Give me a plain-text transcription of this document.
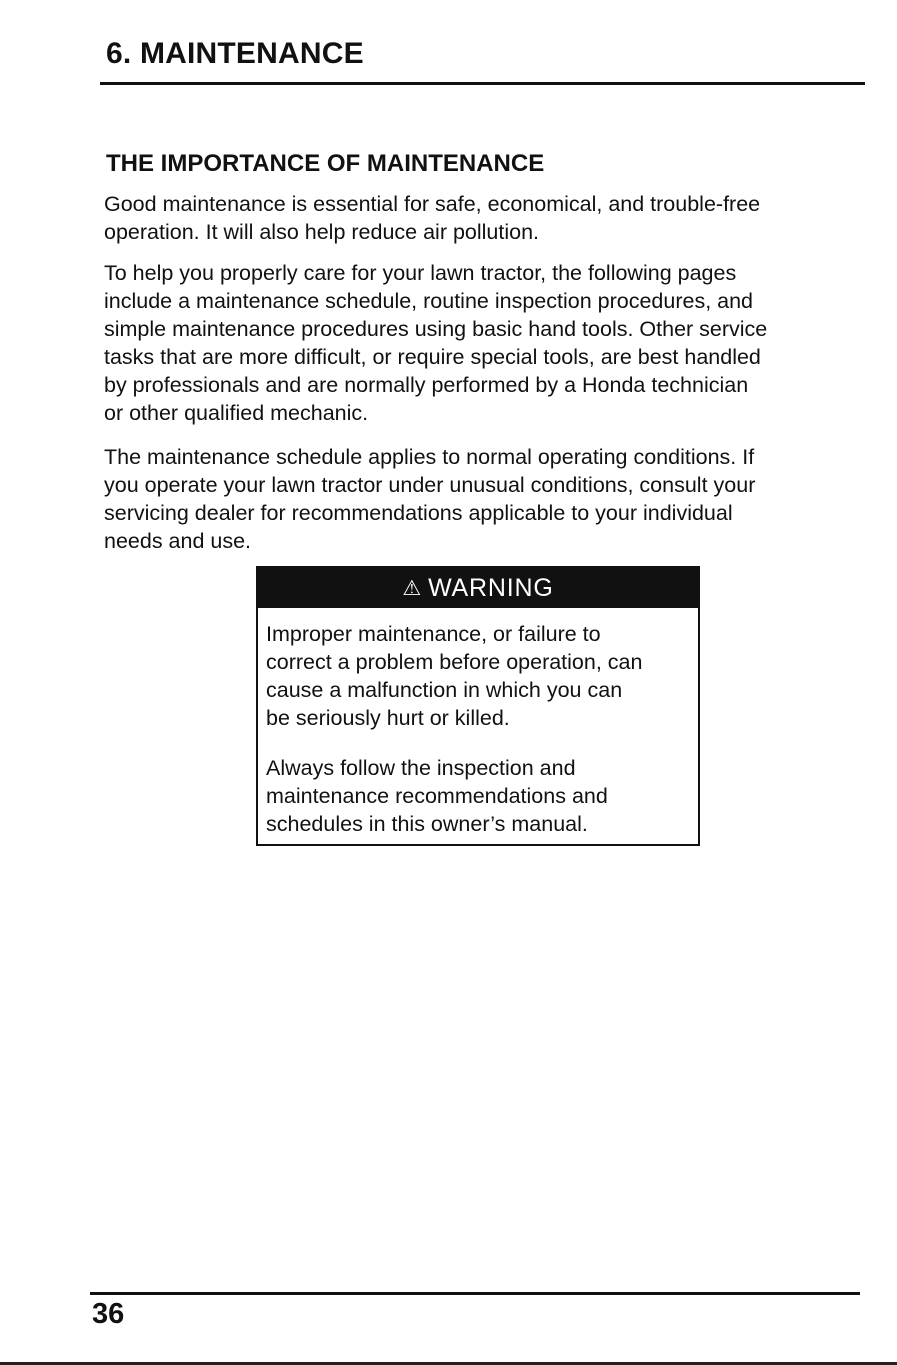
6. MAINTENANCE
THE IMPORTANCE OF MAINTENANCE

Good maintenance is essential for safe, economical, and trouble-free
operation. It will also help reduce air pollution.

To help you properly care for your lawn tractor, the following pages
include a maintenance schedule, routine inspection procedures, and
simple maintenance procedures using basic hand tools. Other service
tasks that are more difficult, or require special tools, are best handled
by professionals and are normally performed by a Honda technician
or other qualified mechanic.

The maintenance schedule applies to normal operating conditions. If
you operate your lawn tractor under unusual conditions, consult your
servicing dealer for recommendations applicable to your individual
needs and use.

⚠ WARNING

Improper maintenance, or failure to
correct a problem before operation, can
cause a malfunction in which you can
be seriously hurt or killed.

Always follow the inspection and
maintenance recommendations and
schedules in this owner’s manual.

36
